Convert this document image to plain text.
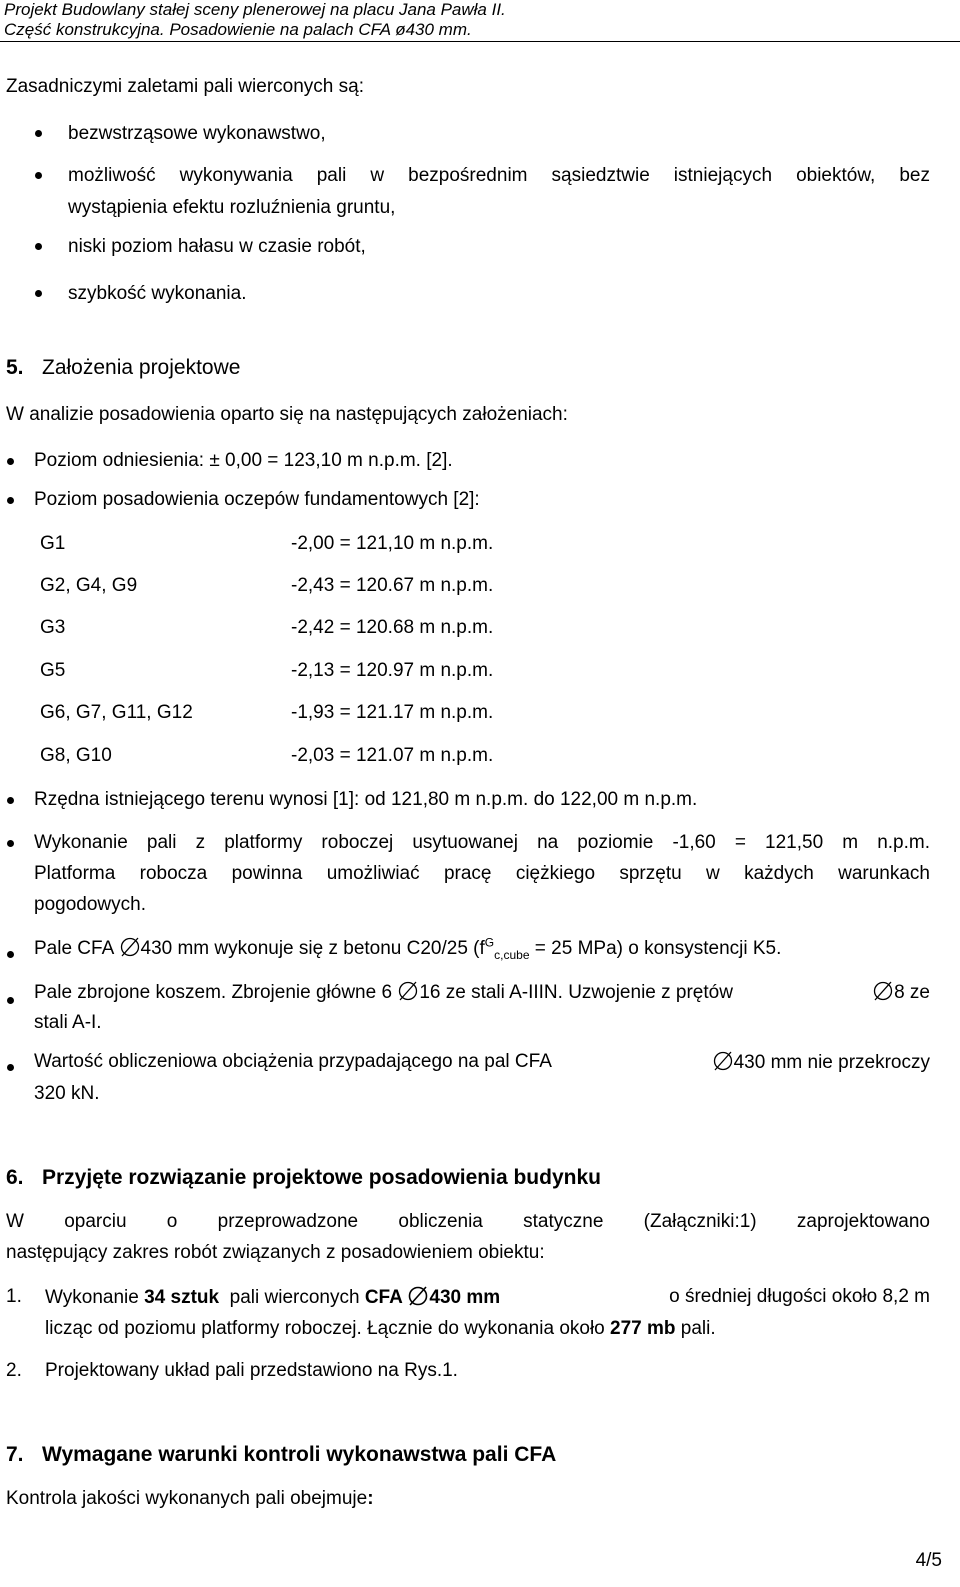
Projekt Budowlany stałej sceny plenerowej na placu Jana Pawła II.
Część konstrukcyjna. Posadowienie na palach CFA ø430 mm.
Zasadniczymi zaletami pali wierconych są:
bezwstrząsowe wykonawstwo,
możliwość wykonywania pali w bezpośrednim sąsiedztwie istniejących obiektów, bez
wystąpienia efektu rozluźnienia gruntu,
niski poziom hałasu w czasie robót,
szybkość wykonania.
5. Założenia projektowe
W analizie posadowienia oparto się na następujących założeniach:
Poziom odniesienia: ± 0,00 = 123,10 m n.p.m. [2].
Poziom posadowienia oczepów fundamentowych [2]:
G1	-2,00 = 121,10 m n.p.m.
G2, G4, G9	-2,43 = 120.67 m n.p.m.
G3	-2,42 = 120.68 m n.p.m.
G5	-2,13 = 120.97 m n.p.m.
G6, G7, G11, G12	-1,93 = 121.17 m n.p.m.
G8, G10	-2,03 = 121.07 m n.p.m.
Rzędna istniejącego terenu wynosi [1]: od 121,80 m n.p.m. do 122,00 m n.p.m.
Wykonanie pali z platformy roboczej usytuowanej na poziomie -1,60 = 121,50 m n.p.m.
Platforma robocza powinna umożliwiać pracę ciężkiego sprzętu w każdych warunkach
pogodowych.
Pale CFA 430 mm wykonuje się z betonu C20/25 ($f^G_{c,cube} = 25$ MPa) o konsystencji K5.
Pale zbrojone koszem. Zbrojenie główne 6 16 ze stali A-IIIN. Uzwojenie z prętów	8 ze
stali A-I.
Wartość obliczeniowa obciążenia przypadającego na pal CFA	430 mm nie przekroczy
320 kN.
6. Przyjęte rozwiązanie projektowe posadowienia budynku
W oparciu o przeprowadzone obliczenia statyczne (Załączniki:1) zaprojektowano
następujący zakres robót związanych z posadowieniem obiektu:
1. Wykonanie 34 sztuk  pali wierconych CFA 430 mm	o średniej długości około 8,2 m
licząc od poziomu platformy roboczej. Łącznie do wykonania około 277 mb pali.
2. Projektowany układ pali przedstawiono na Rys.1.
7. Wymagane warunki kontroli wykonawstwa pali CFA
Kontrola jakości wykonanych pali obejmuje:
4/5
